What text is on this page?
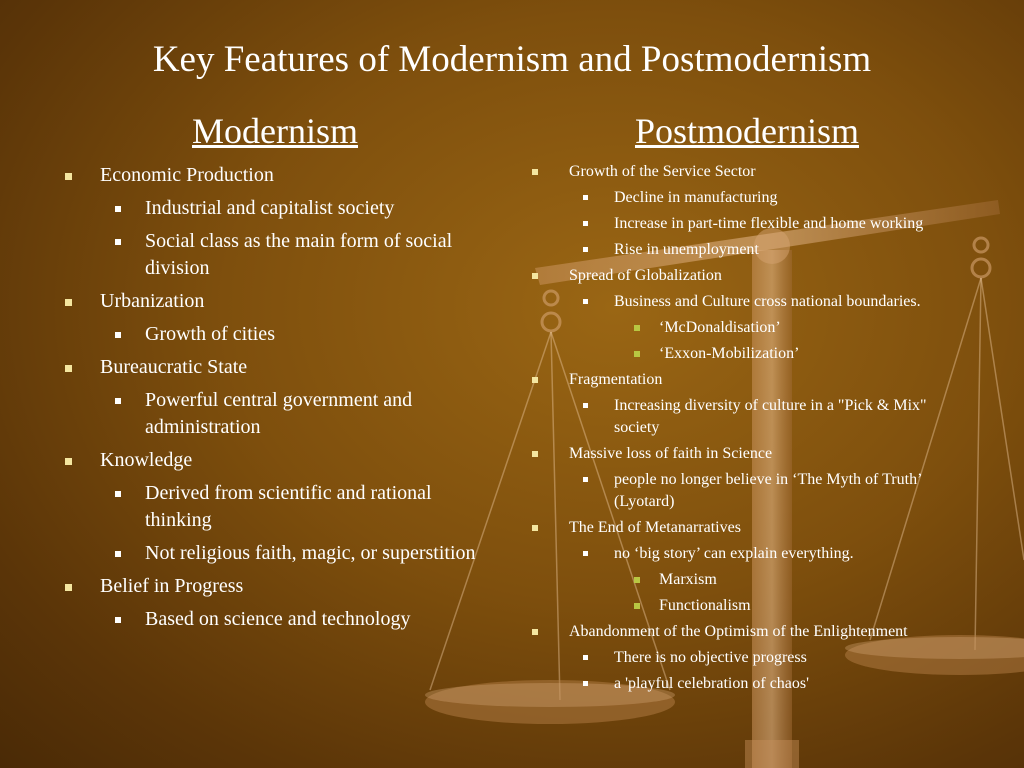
Key Features of Modernism and Postmodernism
Modernism	Postmodernism
Economic Production
Industrial and capitalist society
Social class as the main form of social division
Urbanization
Growth of cities
Bureaucratic State
Powerful central government and administration
Knowledge
Derived from scientific and rational thinking
Not religious faith, magic, or superstition
Belief in Progress
Based on science and technology
Growth of the Service Sector
Decline in manufacturing
Increase in part-time flexible and home working
Rise in unemployment
Spread of Globalization
Business and Culture cross national boundaries.
‘McDonaldisation’
‘Exxon-Mobilization’
Fragmentation
Increasing diversity of culture in a "Pick & Mix" society
Massive loss of faith in Science
people no longer believe in ‘The Myth of Truth’ (Lyotard)
The End of Metanarratives
no ‘big story’ can explain everything.
Marxism
Functionalism
Abandonment of the Optimism of the Enlightenment
There is no objective progress
a 'playful celebration of chaos'
